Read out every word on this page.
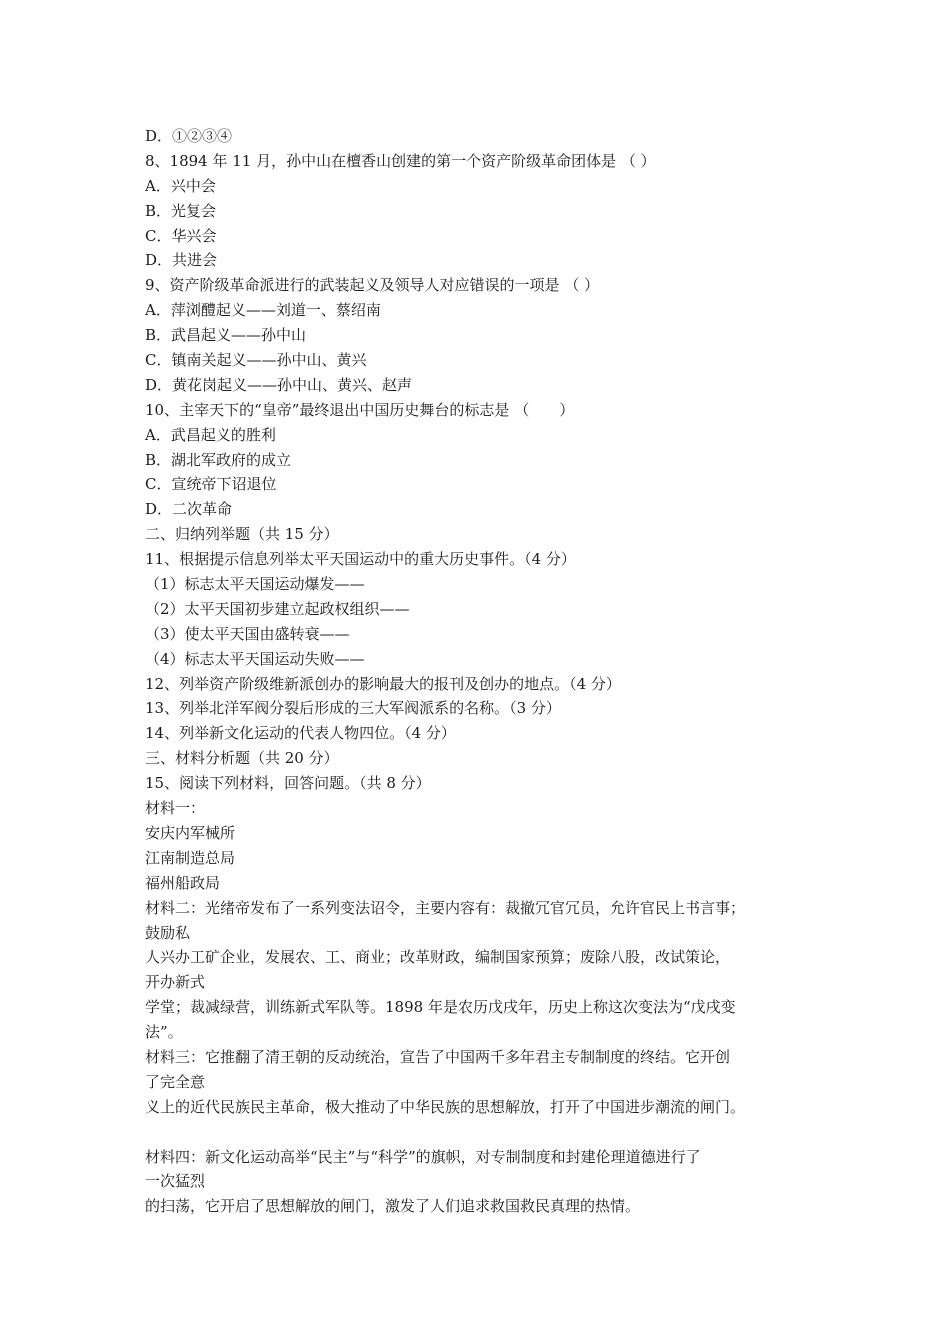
D．①②③④
8、1894 年 11 月，孙中山在檀香山创建的第一个资产阶级革命团体是 （ ）
A．兴中会
B．光复会
C．华兴会
D．共进会
9、资产阶级革命派进行的武装起义及领导人对应错误的一项是 （ ）
A．萍浏醴起义——刘道一、蔡绍南
B．武昌起义——孙中山
C．镇南关起义——孙中山、黄兴
D．黄花岗起义——孙中山、黄兴、赵声
10、主宰天下的“皇帝”最终退出中国历史舞台的标志是 （　　）
A．武昌起义的胜利
B．湖北军政府的成立
C．宣统帝下诏退位
D．二次革命
二、归纳列举题（共 15 分）
11、根据提示信息列举太平天国运动中的重大历史事件。（4 分）
（1）标志太平天国运动爆发——
（2）太平天国初步建立起政权组织——
（3）使太平天国由盛转衰——
（4）标志太平天国运动失败——
12、列举资产阶级维新派创办的影响最大的报刊及创办的地点。（4 分）
13、列举北洋军阀分裂后形成的三大军阀派系的名称。（3 分）
14、列举新文化运动的代表人物四位。（4 分）
三、材料分析题（共 20 分）
15、阅读下列材料，回答问题。（共 8 分）
材料一：
安庆内军械所
江南制造总局
福州船政局
材料二：光绪帝发布了一系列变法诏令，主要内容有：裁撤冗官冗员，允许官民上书言事；
鼓励私
人兴办工矿企业，发展农、工、商业；改革财政，编制国家预算；废除八股，改试策论，
开办新式
学堂；裁减绿营，训练新式军队等。1898 年是农历戊戌年，历史上称这次变法为“戊戌变
法”。
材料三：它推翻了清王朝的反动统治，宣告了中国两千多年君主专制制度的终结。它开创
了完全意
义上的近代民族民主革命，极大推动了中华民族的思想解放，打开了中国进步潮流的闸门。
材料四：新文化运动高举“民主”与“科学”的旗帜，对专制制度和封建伦理道德进行了
一次猛烈
的扫荡，它开启了思想解放的闸门，激发了人们追求救国救民真理的热情。
